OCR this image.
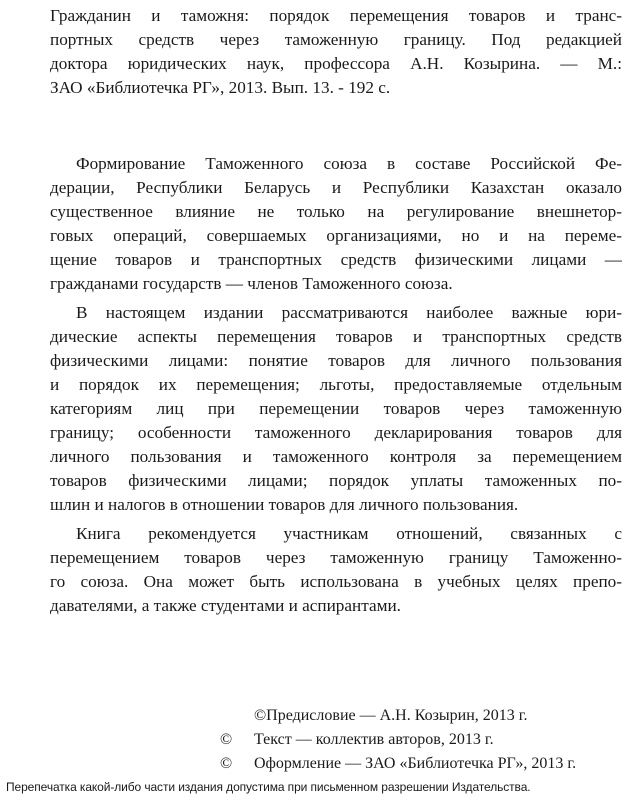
Гражданин и таможня: порядок перемещения товаров и транс-
портных средств через таможенную границу. Под редакцией
доктора юридических наук, профессора А.Н. Козырина. — М.:
ЗАО «Библиотечка РГ», 2013. Вып. 13. - 192 с.
Формирование Таможенного союза в составе Российской Фе-
дерации, Республики Беларусь и Республики Казахстан оказало
существенное влияние не только на регулирование внешнетор-
говых операций, совершаемых организациями, но и на переме-
щение товаров и транспортных средств физическими лицами —
гражданами государств — членов Таможенного союза.
В настоящем издании рассматриваются наиболее важные юри-
дические аспекты перемещения товаров и транспортных средств
физическими лицами: понятие товаров для личного пользования
и порядок их перемещения; льготы, предоставляемые отдельным
категориям лиц при перемещении товаров через таможенную
границу; особенности таможенного декларирования товаров для
личного пользования и таможенного контроля за перемещением
товаров физическими лицами; порядок уплаты таможенных по-
шлин и налогов в отношении товаров для личного пользования.
Книга рекомендуется участникам отношений, связанных с
перемещением товаров через таможенную границу Таможенно-
го союза. Она может быть использована в учебных целях препо-
давателями, а также студентами и аспирантами.
©Предисловие — А.Н. Козырин, 2013 г.
©	Текст — коллектив авторов, 2013 г.
©	Оформление — ЗАО «Библиотечка РГ», 2013 г.
Перепечатка какой-либо части издания допустима при письменном разрешении Издательства.
